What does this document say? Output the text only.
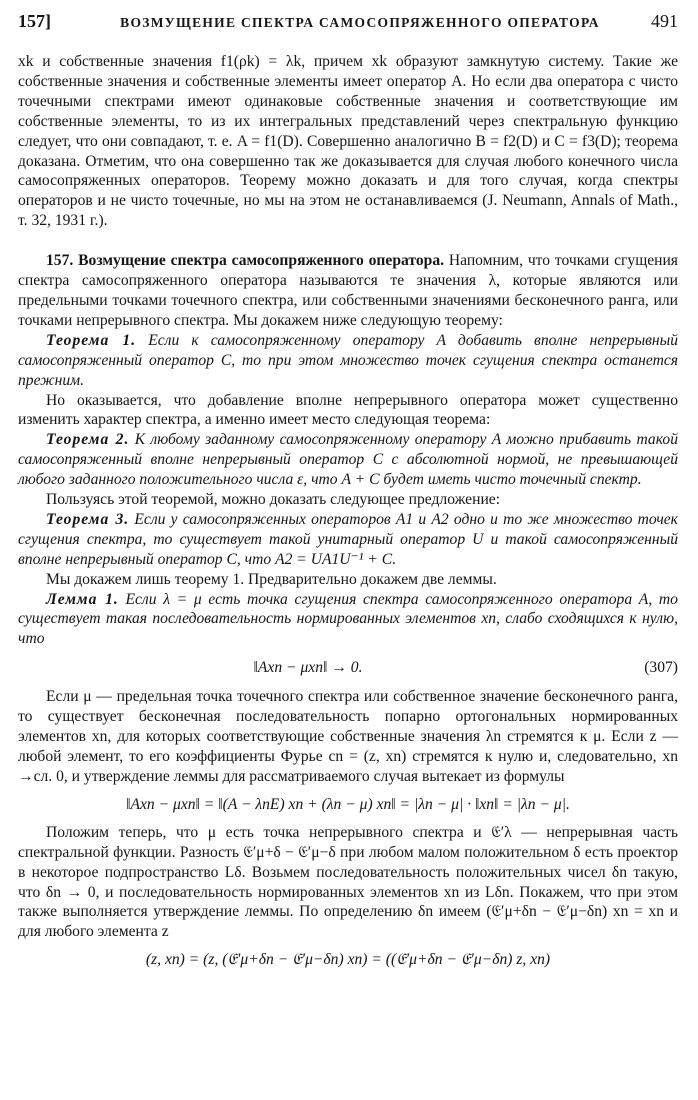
157]	ВОЗМУЩЕНИЕ СПЕКТРА САМОСОПРЯЖЕННОГО ОПЕРАТОРА	491

xk и собственные значения f1(ρk) = λk, причем xk образуют замкнутую систему. Такие же собственные значения и собственные элементы имеет оператор A. Но если два оператора с чисто точечными спектрами имеют одинаковые собственные значения и соответствующие им собственные элементы, то из их интегральных представлений через спектральную функцию следует, что они совпадают, т. е. A = f1(D). Совершенно аналогично B = f2(D) и C = f3(D); теорема доказана. Отметим, что она совершенно так же доказывается для случая любого конечного числа самосопряженных операторов. Теорему можно доказать и для того случая, когда спектры операторов и не чисто точечные, но мы на этом не останавливаемся (J. Neumann, Annals of Math., т. 32, 1931 г.).

157. Возмущение спектра самосопряженного оператора. Напомним, что точками сгущения спектра самосопряженного оператора называются те значения λ, которые являются или предельными точками точечного спектра, или собственными значениями бесконечного ранга, или точками непрерывного спектра. Мы докажем ниже следующую теорему:

Теорема 1. Если к самосопряженному оператору A добавить вполне непрерывный самосопряженный оператор C, то при этом множество точек сгущения спектра останется прежним.

Но оказывается, что добавление вполне непрерывного оператора может существенно изменить характер спектра, а именно имеет место следующая теорема:

Теорема 2. К любому заданному самосопряженному оператору A можно прибавить такой самосопряженный вполне непрерывный оператор C с абсолютной нормой, не превышающей любого заданного положительного числа ε, что A + C будет иметь чисто точечный спектр.

Пользуясь этой теоремой, можно доказать следующее предложение:

Теорема 3. Если у самосопряженных операторов A1 и A2 одно и то же множество точек сгущения спектра, то существует такой унитарный оператор U и такой самосопряженный вполне непрерывный оператор C, что A2 = UA1U⁻¹ + C.

Мы докажем лишь теорему 1. Предварительно докажем две леммы.

Лемма 1. Если λ = μ есть точка сгущения спектра самосопряженного оператора A, то существует такая последовательность нормированных элементов xn, слабо сходящихся к нулю, что

‖Axn − μxn‖ → 0.	(307)

Если μ — предельная точка точечного спектра или собственное значение бесконечного ранга, то существует бесконечная последовательность попарно ортогональных нормированных элементов xn, для которых соответствующие собственные значения λn стремятся к μ. Если z — любой элемент, то его коэффициенты Фурье cn = (z, xn) стремятся к нулю и, следовательно, xn →сл. 0, и утверждение леммы для рассматриваемого случая вытекает из формулы

‖Axn − μxn‖ = ‖(A − λnE) xn + (λn − μ) xn‖ = |λn − μ| · ‖xn‖ = |λn − μ|.

Положим теперь, что μ есть точка непрерывного спектра и 𝔈′λ — непрерывная часть спектральной функции. Разность 𝔈′μ+δ − 𝔈′μ−δ при любом малом положительном δ есть проектор в некоторое подпространство Lδ. Возьмем последовательность положительных чисел δn такую, что δn → 0, и последовательность нормированных элементов xn из Lδn. Покажем, что при этом также выполняется утверждение леммы. По определению δn имеем (𝔈′μ+δn − 𝔈′μ−δn) xn = xn и для любого элемента z

(z, xn) = (z, (𝔈′μ+δn − 𝔈′μ−δn) xn) = ((𝔈′μ+δn − 𝔈′μ−δn) z, xn)
